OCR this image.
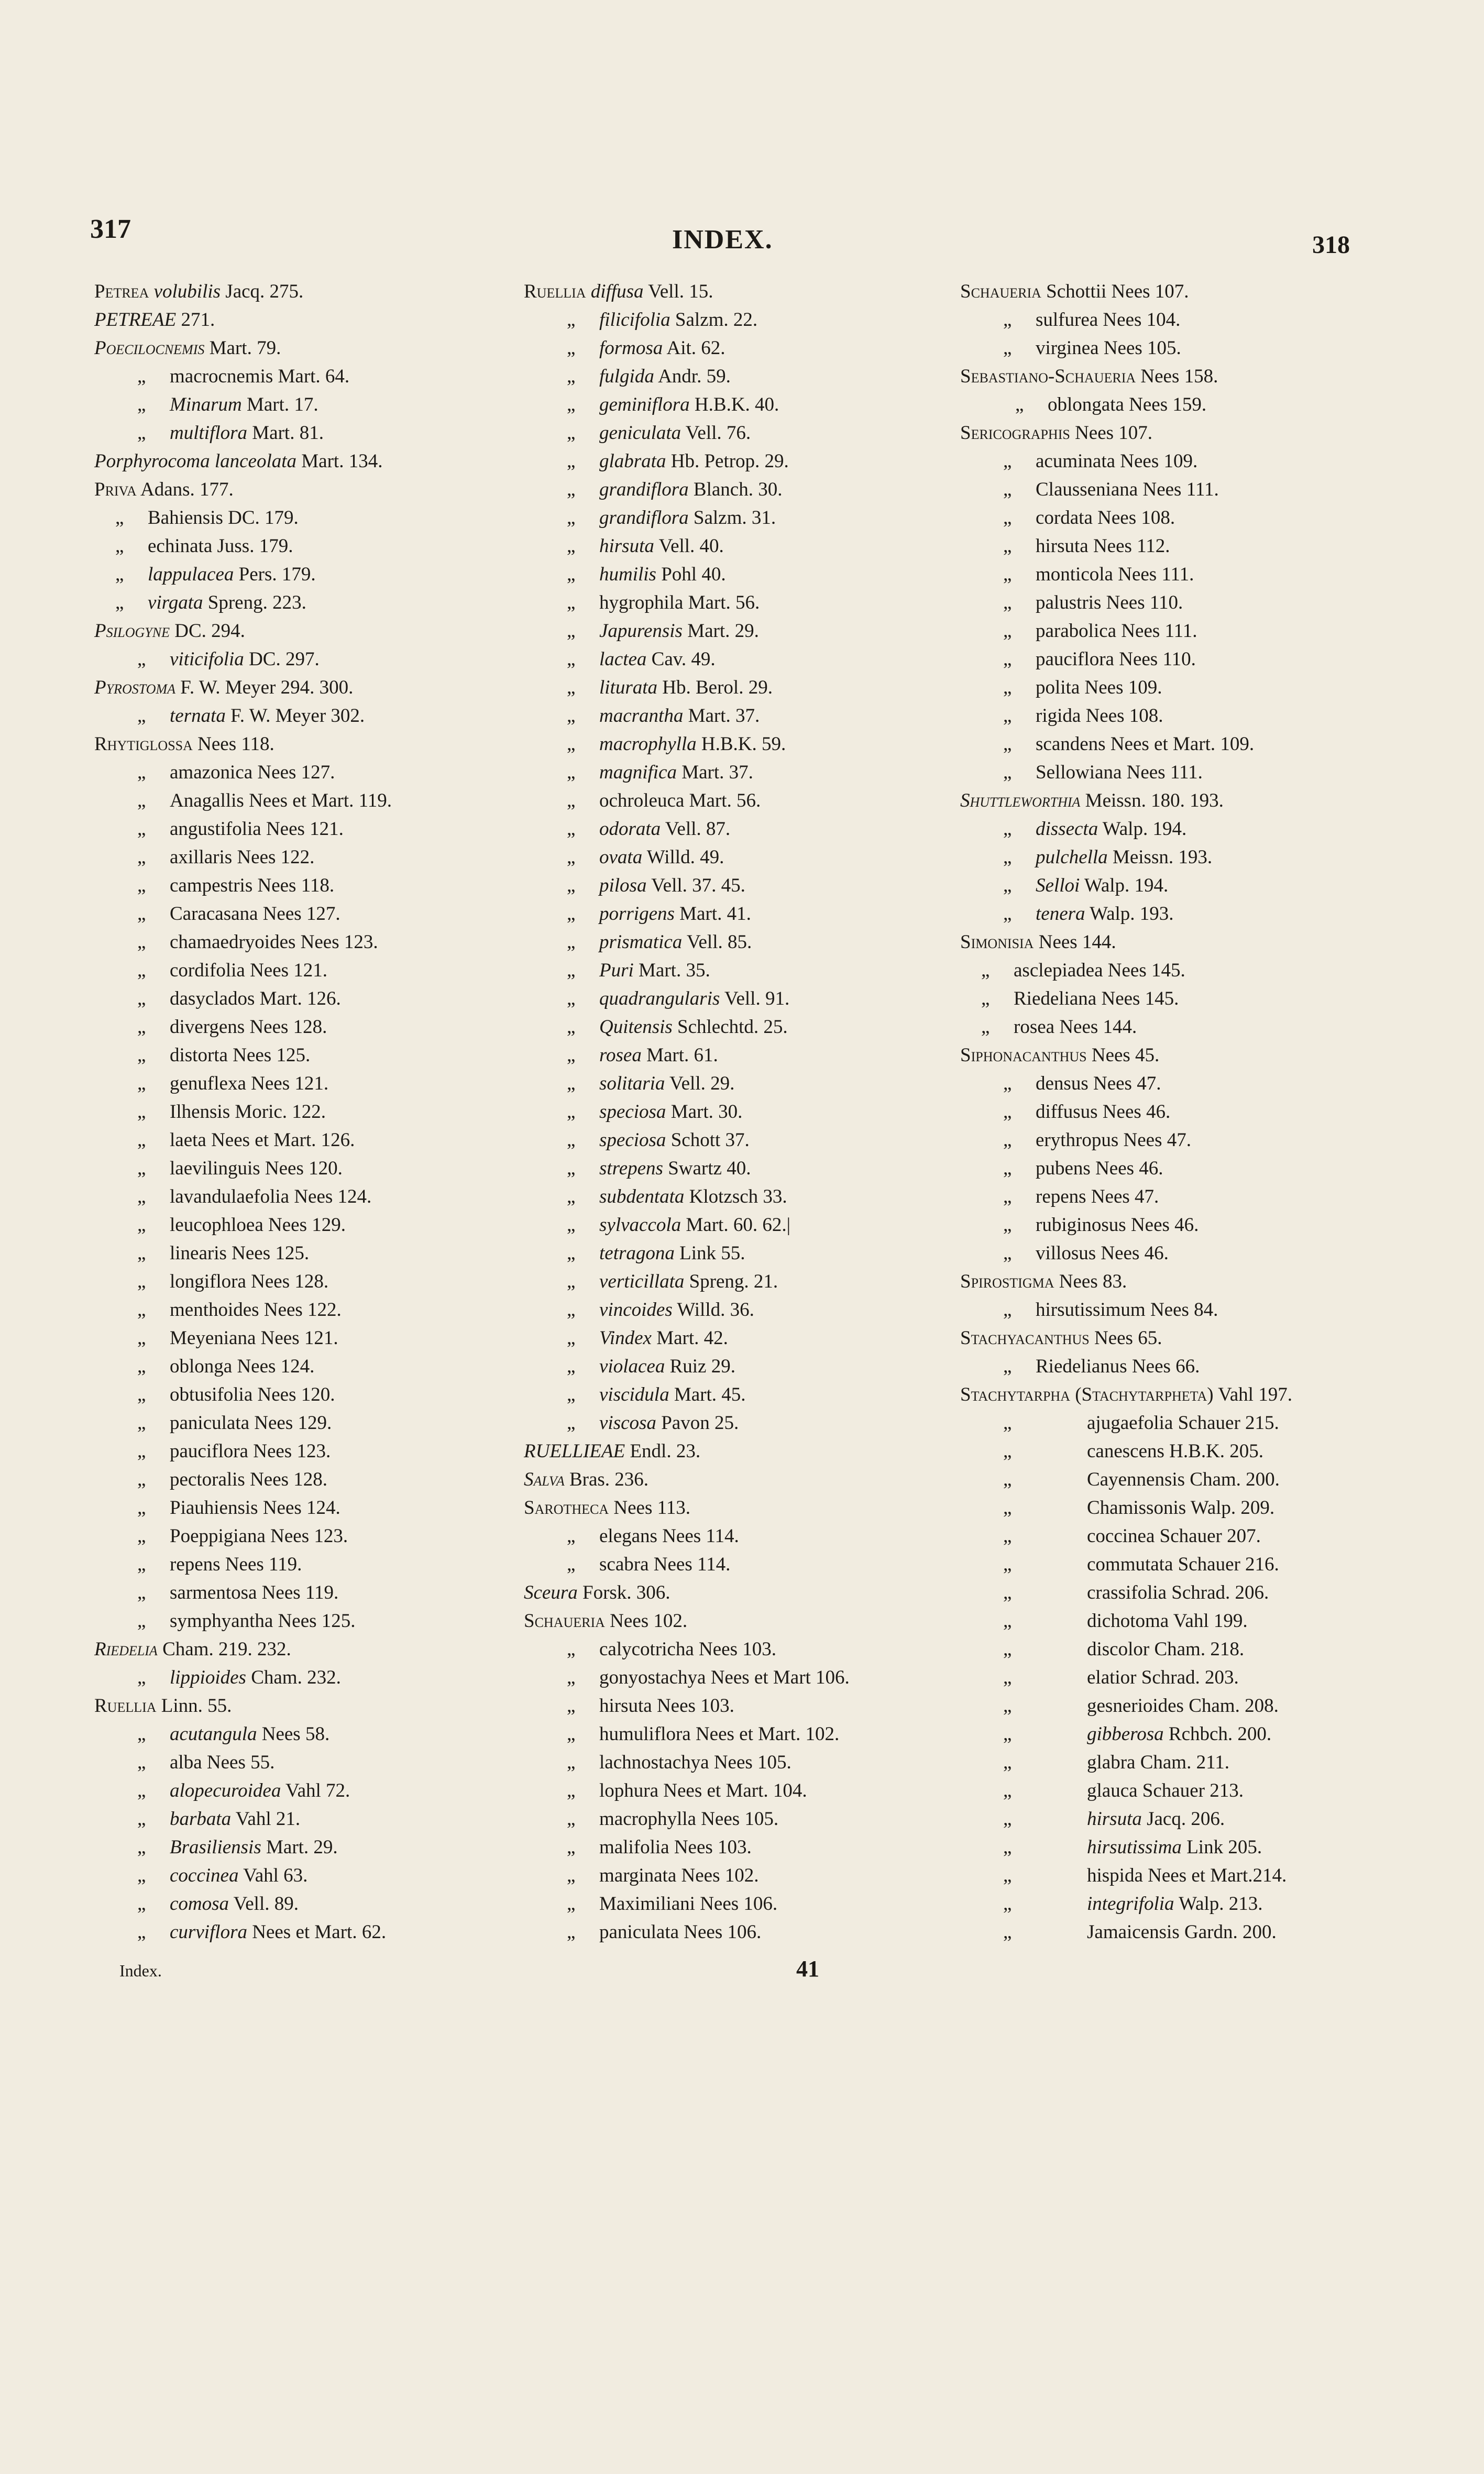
317	INDEX.	318
Petrea volubilis Jacq. 275.
PETREAE 271.
Poecilocnemis Mart. 79.
„ macrocnemis Mart. 64.
„ Minarum Mart. 17.
„ multiflora Mart. 81.
Porphyrocoma lanceolata Mart. 134.
Priva Adans. 177.
„ Bahiensis DC. 179.
„ echinata Juss. 179.
„ lappulacea Pers. 179.
„ virgata Spreng. 223.
Psilogyne DC. 294.
„ viticifolia DC. 297.
Pyrostoma F. W. Meyer 294. 300.
„ ternata F. W. Meyer 302.
Rhytiglossa Nees 118.
„ amazonica Nees 127.
„ Anagallis Nees et Mart. 119.
„ angustifolia Nees 121.
„ axillaris Nees 122.
„ campestris Nees 118.
„ Caracasana Nees 127.
„ chamaedryoides Nees 123.
„ cordifolia Nees 121.
„ dasyclados Mart. 126.
„ divergens Nees 128.
„ distorta Nees 125.
„ genuflexa Nees 121.
„ Ilhensis Moric. 122.
„ laeta Nees et Mart. 126.
„ laevilinguis Nees 120.
„ lavandulaefolia Nees 124.
„ leucophloea Nees 129.
„ linearis Nees 125.
„ longiflora Nees 128.
„ menthoides Nees 122.
„ Meyeniana Nees 121.
„ oblonga Nees 124.
„ obtusifolia Nees 120.
„ paniculata Nees 129.
„ pauciflora Nees 123.
„ pectoralis Nees 128.
„ Piauhiensis Nees 124.
„ Poeppigiana Nees 123.
„ repens Nees 119.
„ sarmentosa Nees 119.
„ symphyantha Nees 125.
Riedelia Cham. 219. 232.
„ lippioides Cham. 232.
Ruellia Linn. 55.
„ acutangula Nees 58.
„ alba Nees 55.
„ alopecuroidea Vahl 72.
„ barbata Vahl 21.
„ Brasiliensis Mart. 29.
„ coccinea Vahl 63.
„ comosa Vell. 89.
„ curviflora Nees et Mart. 62.
Ruellia diffusa Vell. 15.
„ filicifolia Salzm. 22.
„ formosa Ait. 62.
„ fulgida Andr. 59.
„ geminiflora H.B.K. 40.
„ geniculata Vell. 76.
„ glabrata Hb. Petrop. 29.
„ grandiflora Blanch. 30.
„ grandiflora Salzm. 31.
„ hirsuta Vell. 40.
„ humilis Pohl 40.
„ hygrophila Mart. 56.
„ Japurensis Mart. 29.
„ lactea Cav. 49.
„ liturata Hb. Berol. 29.
„ macrantha Mart. 37.
„ macrophylla H.B.K. 59.
„ magnifica Mart. 37.
„ ochroleuca Mart. 56.
„ odorata Vell. 87.
„ ovata Willd. 49.
„ pilosa Vell. 37. 45.
„ porrigens Mart. 41.
„ prismatica Vell. 85.
„ Puri Mart. 35.
„ quadrangularis Vell. 91.
„ Quitensis Schlechtd. 25.
„ rosea Mart. 61.
„ solitaria Vell. 29.
„ speciosa Mart. 30.
„ speciosa Schott 37.
„ strepens Swartz 40.
„ subdentata Klotzsch 33.
„ sylvaccola Mart. 60. 62.|
„ tetragona Link 55.
„ verticillata Spreng. 21.
„ vincoides Willd. 36.
„ Vindex Mart. 42.
„ violacea Ruiz 29.
„ viscidula Mart. 45.
„ viscosa Pavon 25.
RUELLIEAE Endl. 23.
Salva Bras. 236.
Sarotheca Nees 113.
„ elegans Nees 114.
„ scabra Nees 114.
Sceura Forsk. 306.
Schaueria Nees 102.
„ calycotricha Nees 103.
„ gonyostachya Nees et Mart 106.
„ hirsuta Nees 103.
„ humuliflora Nees et Mart. 102.
„ lachnostachya Nees 105.
„ lophura Nees et Mart. 104.
„ macrophylla Nees 105.
„ malifolia Nees 103.
„ marginata Nees 102.
„ Maximiliani Nees 106.
„ paniculata Nees 106.
Schaueria Schottii Nees 107.
„ sulfurea Nees 104.
„ virginea Nees 105.
Sebastiano-Schaueria Nees 158.
„ oblongata Nees 159.
Sericographis Nees 107.
„ acuminata Nees 109.
„ Clausseniana Nees 111.
„ cordata Nees 108.
„ hirsuta Nees 112.
„ monticola Nees 111.
„ palustris Nees 110.
„ parabolica Nees 111.
„ pauciflora Nees 110.
„ polita Nees 109.
„ rigida Nees 108.
„ scandens Nees et Mart. 109.
„ Sellowiana Nees 111.
Shuttleworthia Meissn. 180. 193.
„ dissecta Walp. 194.
„ pulchella Meissn. 193.
„ Selloi Walp. 194.
„ tenera Walp. 193.
Simonisia Nees 144.
„ asclepiadea Nees 145.
„ Riedeliana Nees 145.
„ rosea Nees 144.
Siphonacanthus Nees 45.
„ densus Nees 47.
„ diffusus Nees 46.
„ erythropus Nees 47.
„ pubens Nees 46.
„ repens Nees 47.
„ rubiginosus Nees 46.
„ villosus Nees 46.
Spirostigma Nees 83.
„ hirsutissimum Nees 84.
Stachyacanthus Nees 65.
„ Riedelianus Nees 66.
Stachytarpha (Stachytarpheta) Vahl 197.
„	ajugaefolia Schauer 215.
„	canescens H.B.K. 205.
„	Cayennensis Cham. 200.
„	Chamissonis Walp. 209.
„	coccinea Schauer 207.
„	commutata Schauer 216.
„	crassifolia Schrad. 206.
„	dichotoma Vahl 199.
„	discolor Cham. 218.
„	elatior Schrad. 203.
„	gesnerioides Cham. 208.
„	gibberosa Rchbch. 200.
„	glabra Cham. 211.
„	glauca Schauer 213.
„	hirsuta Jacq. 206.
„	hirsutissima Link 205.
„	hispida Nees et Mart.214.
„	integrifolia Walp. 213.
„	Jamaicensis Gardn. 200.
Index.	41
